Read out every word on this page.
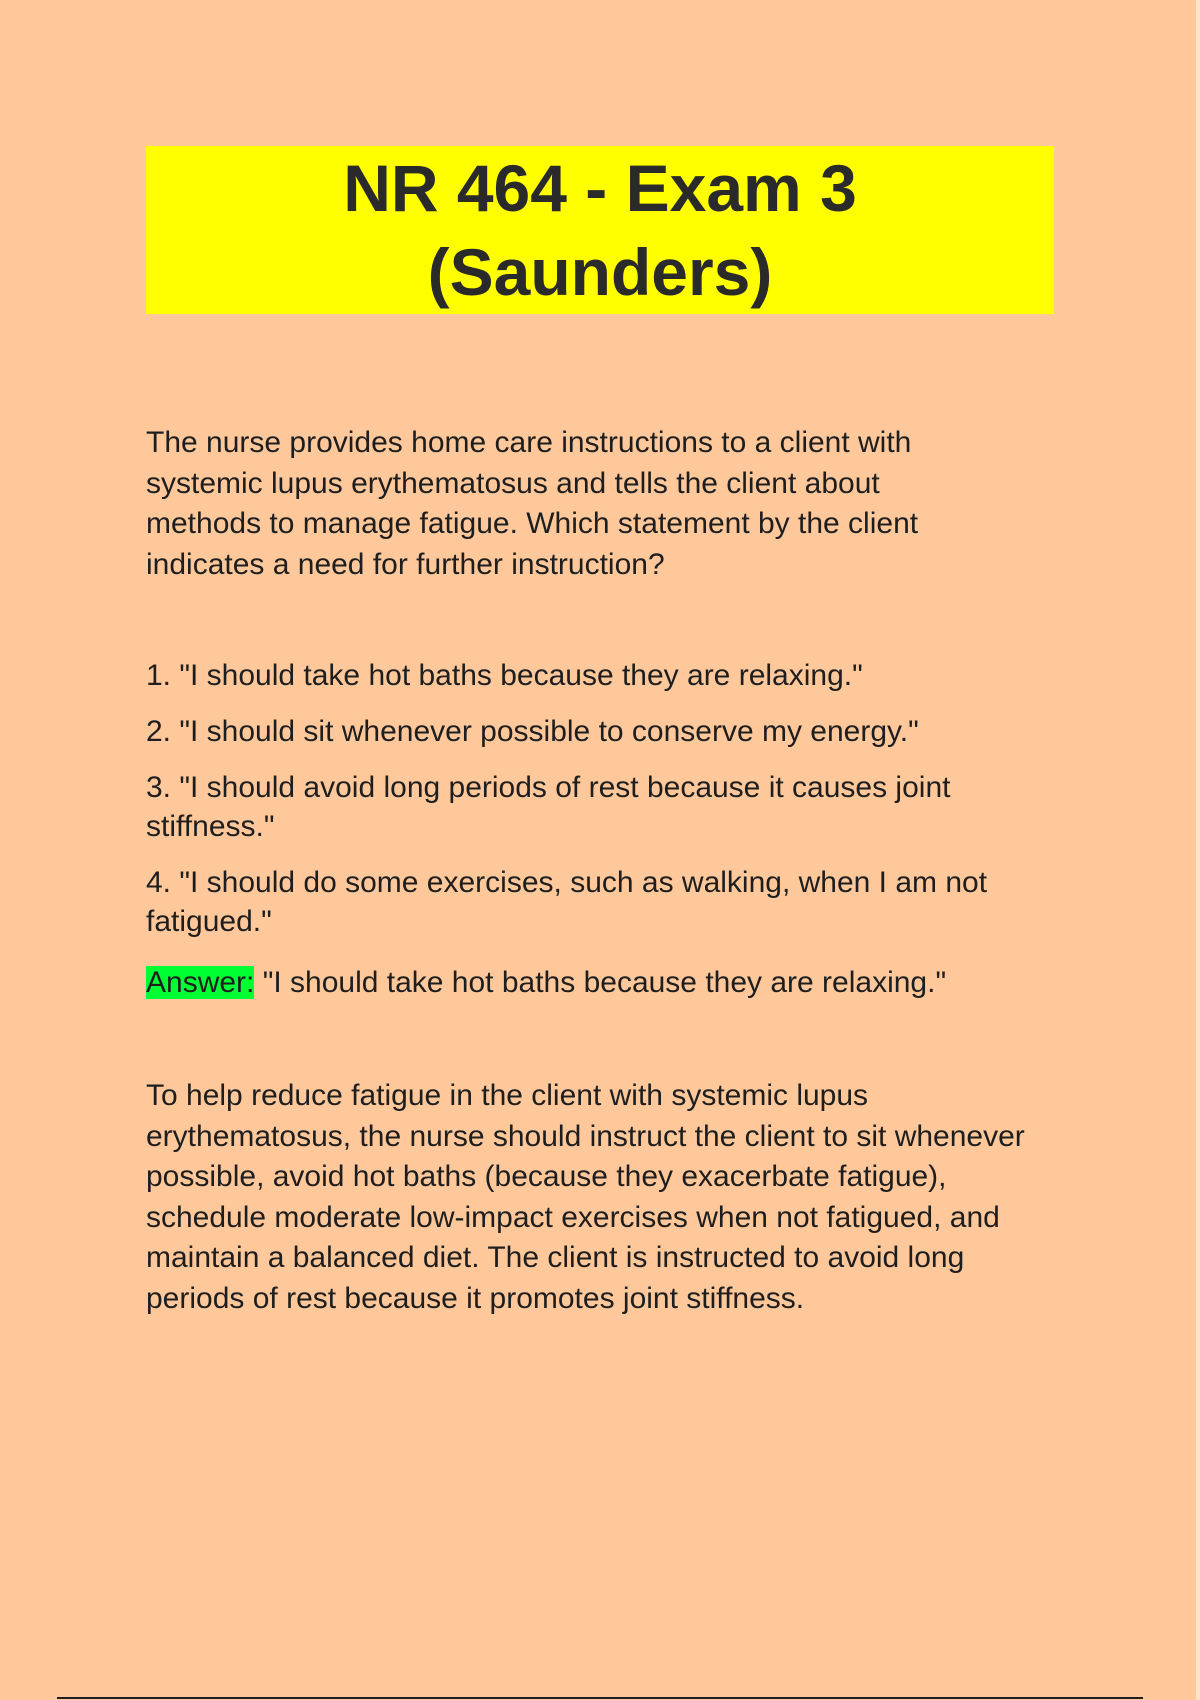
NR 464 - Exam 3 (Saunders)

The nurse provides home care instructions to a client with systemic lupus erythematosus and tells the client about methods to manage fatigue. Which statement by the client indicates a need for further instruction?

1. "I should take hot baths because they are relaxing."
2. "I should sit whenever possible to conserve my energy."
3. "I should avoid long periods of rest because it causes joint stiffness."
4. "I should do some exercises, such as walking, when I am not fatigued."

Answer: "I should take hot baths because they are relaxing."

To help reduce fatigue in the client with systemic lupus erythematosus, the nurse should instruct the client to sit whenever possible, avoid hot baths (because they exacerbate fatigue), schedule moderate low-impact exercises when not fatigued, and maintain a balanced diet. The client is instructed to avoid long periods of rest because it promotes joint stiffness.
